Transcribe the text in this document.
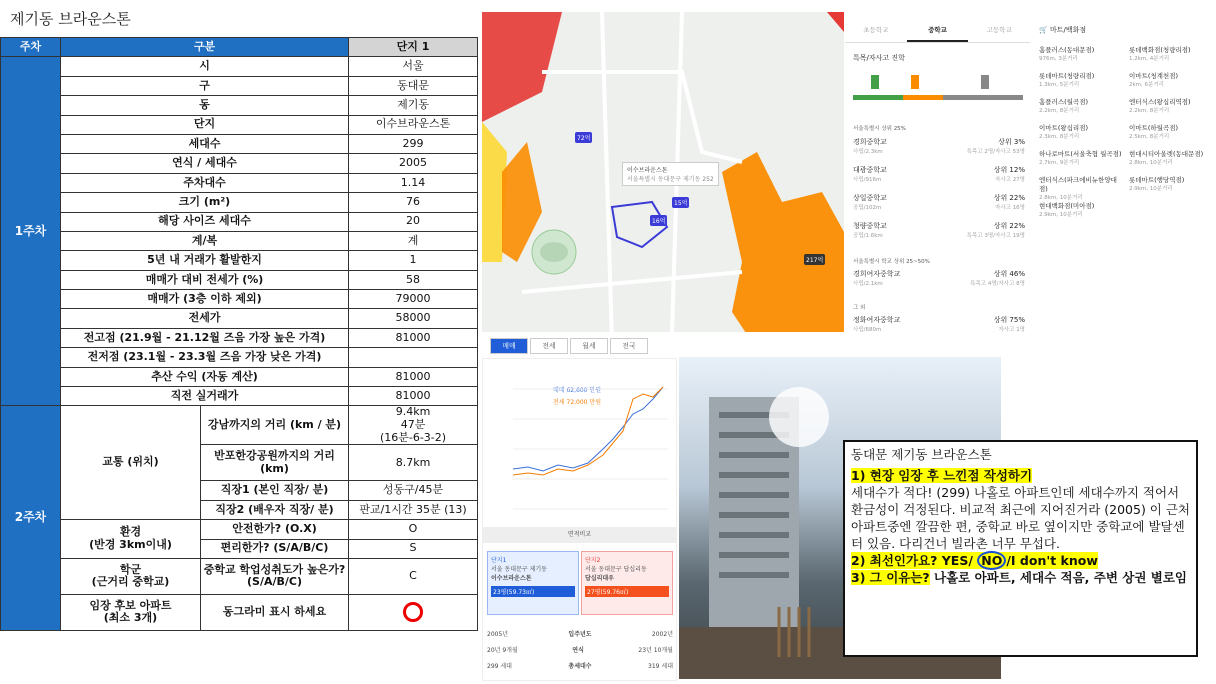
제기동 브라운스톤
주차	구분		단지 1
1주차	시		서울
	구		동대문
	동		제기동
	단지		이수브라운스톤
	세대수		299
	연식 / 세대수		2005
	주차대수		1.14
	크기 (m²)		76
	해당 사이즈 세대수		20
	계/복		계
	5년 내 거래가 활발한지		1
	매매가 대비 전세가 (%)		58
	매매가 (3층 이하 제외)		79000
	전세가		58000
	전고점 (21.9월 - 21.12월 즈음 가장 높은 가격)		81000
	전저점 (23.1월 - 23.3월 즈음 가장 낮은 가격)		
	추산 수익 (자동 계산)		81000
	직전 실거래가		81000
2주차	교통 (위치)	강남까지의 거리 (km / 분)	9.4km
47분
(16분-6-3-2)

		반포한강공원까지의 거리 (km)	8.7km
		직장1 (본인 직장/ 분)	성동구/45분
		직장2 (배우자 직장/ 분)	판교/1시간 35분 (13)

	환경
(반경 3km이내)	안전한가? (O.X)	O
		편리한가? (S/A/B/C)	S

	학군
(근거리 중학교)	중학교 학업성취도가 높은가? (S/A/B/C)	C

	임장 후보 아파트
(최소 3개)	동그라미 표시 하세요	
72억
15억
16억
217억
이수브라운스톤
서울특별시 동대문구 제기동 252
매매	전세	월세	전국
초등학교	중학교	고등학교
특목/자사고 진학
서울특별시 상위 25%
경희중학교
사립/2.3km
상위 3%
특목고 2명/자사고 53명
대광중학교
사립/916m
상위 12%
자사고 27명
상일중학교
공립/102m
상위 22%
자사고 16명
청량중학교
공립/1.6km
상위 22%
특목고 3명/자사고 19명
경희여자중학교
사립/2.1km
상위 46%
특목고 4명/자사고 8명
정화여자중학교
사립/680m
상위 75%
자사고 1명
서울특별시 학교 상위 25~50%
그 외
🛒 마트/백화점
홈플러스(동대문점)
976m, 3분거리
롯데백화점(청량리점)
1.2km, 4분거리
롯데마트(청량리점)
1.3km, 5분거리
이마트(청계천점)
2km, 6분거리
홈플러스(월곡점)
2.2km, 8분거리
엔터식스(왕십리역점)
2.2km, 8분거리
이마트(왕십리점)
2.3km, 8분거리
이마트(하월곡점)
2.5km, 8분거리
하나로마트(서울축협 월곡점)
2.7km, 9분거리
현대시티아울렛(동대문점)
2.8km, 10분거리
엔터식스(파크에비뉴한양대점)
2.8km, 10분거리
롯데마트(행당역점)
2.9km, 10분거리
현대백화점(미아점)
2.9km, 10분거리
매매 62,600 만원
전세 72,000 만원
면적비교
단지1
서울 동대문구 제기동
이수브라운스톤
23평(59.73㎡)
단지2
서울 동대문구 답십리동
답십리대우
27평(59.76㎡)
2005년	입주년도	2002년
20년 9개월	연식	23년 10개월
299 세대	총세대수	319 세대
동대문 제기동 브라운스톤
1) 현장 임장 후 느낀점 작성하기
세대수가 적다! (299) 나홀로 아파트인데 세대수까지 적어서 환금성이 걱정된다. 비교적 최근에 지어진거라 (2005) 이 근처 아파트중엔 깔끔한 편, 중학교 바로 옆이지만 중학교에 발달센터 있음. 다리건너 빌라촌 너무 무섭다.
2) 최선인가요? YES/ NO /I don't know
3) 그 이유는? 나홀로 아파트, 세대수 적음, 주변 상권 별로임
